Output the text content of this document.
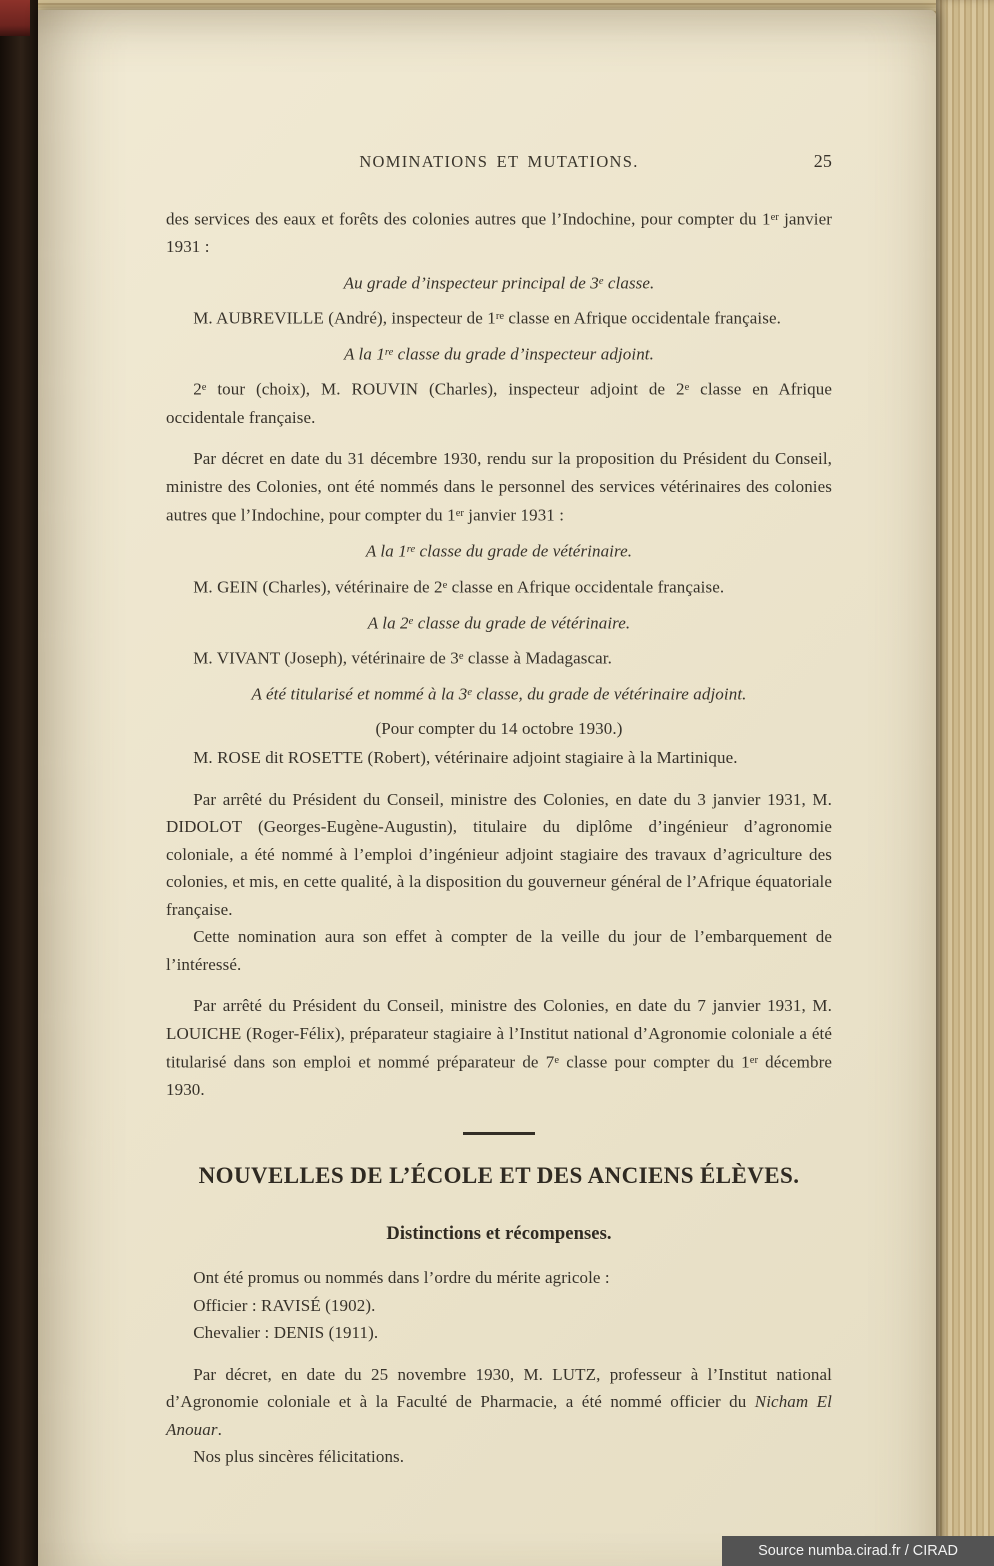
NOMINATIONS ET MUTATIONS.	25
des services des eaux et forêts des colonies autres que l’Indochine, pour compter du 1er janvier 1931 :
Au grade d’inspecteur principal de 3e classe.
M. AUBREVILLE (André), inspecteur de 1re classe en Afrique occidentale française.
A la 1re classe du grade d’inspecteur adjoint.
2e tour (choix), M. ROUVIN (Charles), inspecteur adjoint de 2e classe en Afrique occidentale française.
Par décret en date du 31 décembre 1930, rendu sur la proposition du Président du Conseil, ministre des Colonies, ont été nommés dans le personnel des services vétérinaires des colonies autres que l’Indochine, pour compter du 1er janvier 1931 :
A la 1re classe du grade de vétérinaire.
M. GEIN (Charles), vétérinaire de 2e classe en Afrique occidentale française.
A la 2e classe du grade de vétérinaire.
M. VIVANT (Joseph), vétérinaire de 3e classe à Madagascar.
A été titularisé et nommé à la 3e classe, du grade de vétérinaire adjoint.
(Pour compter du 14 octobre 1930.)
M. ROSE dit ROSETTE (Robert), vétérinaire adjoint stagiaire à la Martinique.
Par arrêté du Président du Conseil, ministre des Colonies, en date du 3 janvier 1931, M. DIDOLOT (Georges-Eugène-Augustin), titulaire du diplôme d’ingénieur d’agronomie coloniale, a été nommé à l’emploi d’ingénieur adjoint stagiaire des travaux d’agriculture des colonies, et mis, en cette qualité, à la disposition du gouverneur général de l’Afrique équatoriale française.
Cette nomination aura son effet à compter de la veille du jour de l’embarquement de l’intéressé.
Par arrêté du Président du Conseil, ministre des Colonies, en date du 7 janvier 1931, M. LOUICHE (Roger-Félix), préparateur stagiaire à l’Institut national d’Agronomie coloniale a été titularisé dans son emploi et nommé préparateur de 7e classe pour compter du 1er décembre 1930.
NOUVELLES DE L’ÉCOLE ET DES ANCIENS ÉLÈVES.
Distinctions et récompenses.
Ont été promus ou nommés dans l’ordre du mérite agricole :
Officier : RAVISÉ (1902).
Chevalier : DENIS (1911).
Par décret, en date du 25 novembre 1930, M. LUTZ, professeur à l’Institut national d’Agronomie coloniale et à la Faculté de Pharmacie, a été nommé officier du Nicham El Anouar.
Nos plus sincères félicitations.
Source numba.cirad.fr / CIRAD
